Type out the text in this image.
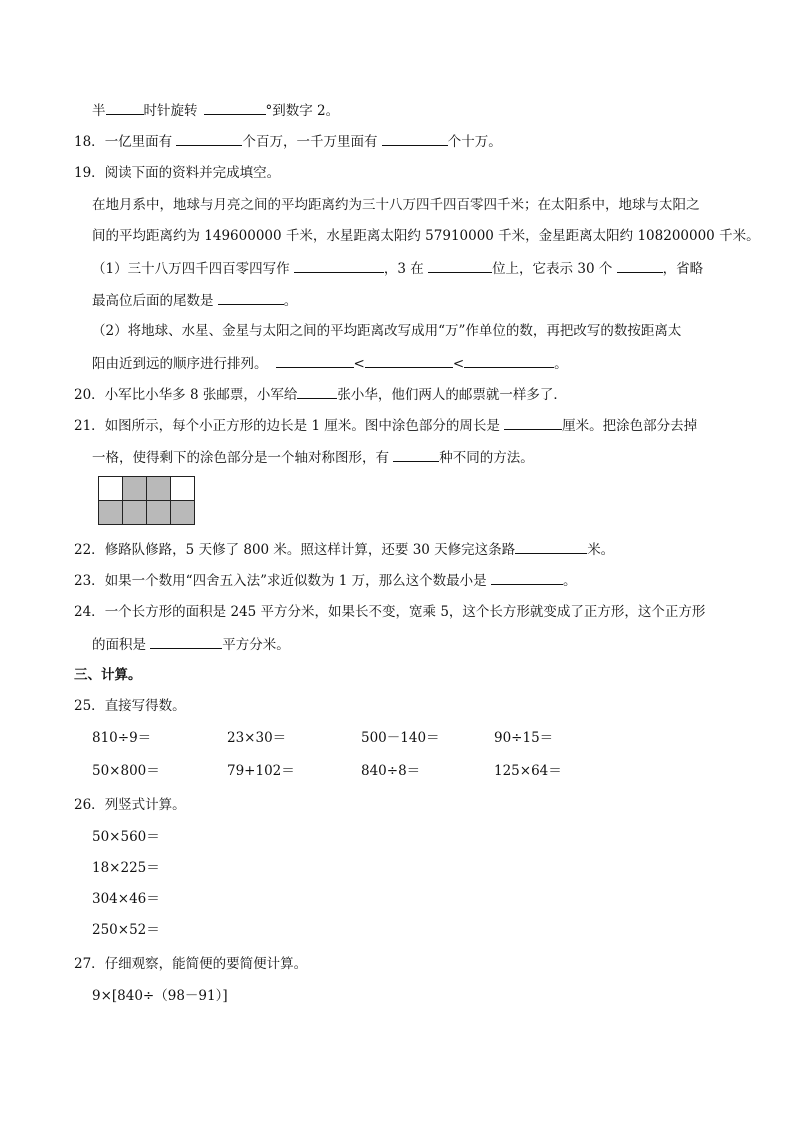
半	时针旋转	°到数字 2。
18．一亿里面有	个百万，一千万里面有	个十万。
19．阅读下面的资料并完成填空。
在地月系中，地球与月亮之间的平均距离约为三十八万四千四百零四千米；在太阳系中，地球与太阳之
间的平均距离约为 149600000 千米，水星距离太阳约 57910000 千米，金星距离太阳约 108200000 千米。
（1）三十八万四千四百零四写作	，3 在	位上，它表示 30 个	，省略
最高位后面的尾数是	。
（2）将地球、水星、金星与太阳之间的平均距离改写成用“万”作单位的数，再把改写的数按距离太
阳由近到远的顺序进行排列。	<	<	。
20．小军比小华多 8 张邮票，小军给	张小华，他们两人的邮票就一样多了．
21．如图所示，每个小正方形的边长是 1 厘米。图中涂色部分的周长是	厘米。把涂色部分去掉
一格，使得剩下的涂色部分是一个轴对称图形，有	种不同的方法。
22．修路队修路，5 天修了 800 米。照这样计算，还要 30 天修完这条路	米。
23．如果一个数用“四舍五入法”求近似数为 1 万，那么这个数最小是	。
24．一个长方形的面积是 245 平方分米，如果长不变，宽乘 5，这个长方形就变成了正方形，这个正方形
的面积是	平方分米。
三、计算。
25．直接写得数。
810÷9＝	23×30＝	500－140＝	90÷15＝
50×800＝	79+102＝	840÷8＝	125×64＝
26．列竖式计算。
50×560＝
18×225＝
304×46＝
250×52＝
27．仔细观察，能简便的要简便计算。
9×[840÷（98－91）]
